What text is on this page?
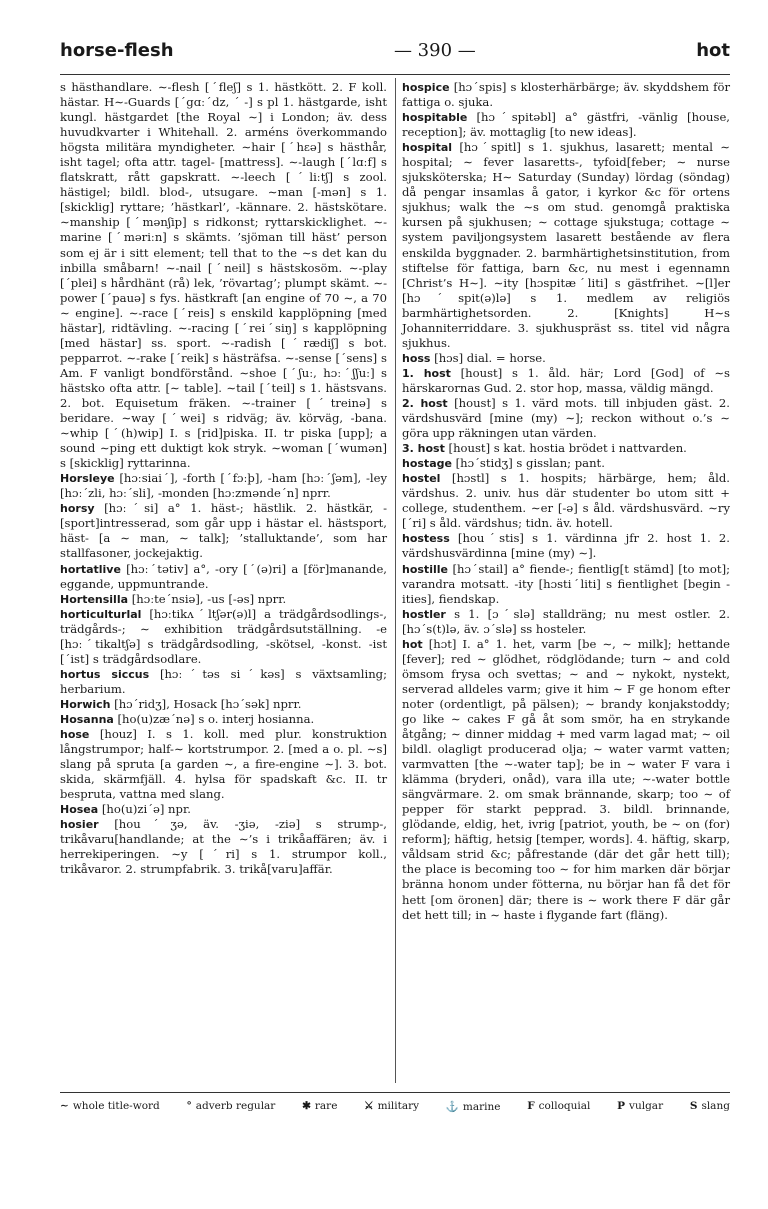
horse-flesh	— 390 —	hot

s hästhandlare. ∼-flesh [ˊfleʃ] s 1. hästkött. 2. F koll. hästar. H∼-Guards [ˊgɑːˊdz, ˊ -] s pl 1. hästgarde, isht kungl. hästgardet [the Royal ∼] i London; äv. dess huvudkvarter i Whitehall. 2. arméns överkommando högsta militära myndigheter. ∼hair [ˊhɛə] s hästhår, isht tagel; ofta attr. tagel- [mattress]. ∼-laugh [ˊlɑːf] s flatskratt, rått gapskratt. ∼-leech [ˊliːtʃ] s zool. hästigel; bildl. blod-, utsugare. ∼man [-mən] s 1. [skicklig] ryttare; ’hästkarl’, -kännare. 2. hästskötare. ∼manship [ˊmənʃip] s ridkonst; ryttarskicklighet. ∼-marine [ˊməriːn] s skämts. ’sjöman till häst’ person som ej är i sitt element; tell that to the ∼s det kan du inbilla småbarn! ∼-nail [ˊneil] s hästskosöm. ∼-play [ˊplei] s hårdhänt (rå) lek, ’rövartag’; plumpt skämt. ∼-power [ˊpauə] s fys. hästkraft [an engine of 70 ∼, a 70 ∼ engine]. ∼-race [ˊreis] s enskild kapplöpning [med hästar], ridtävling. ∼-racing [ˊreiˊsiŋ] s kapplöpning [med hästar] ss. sport. ∼-radish [ˊrædiʃ] s bot. pepparrot. ∼-rake [ˊreik] s hästräfsa. ∼-sense [ˊsens] s Am. F vanligt bondförstånd. ∼shoe [ˊʃuː, hɔːˊʃʃuː] s hästsko ofta attr. [∼ table]. ∼tail [ˊteil] s 1. hästsvans. 2. bot. Equisetum fräken. ∼-trainer [ˊtreinə] s beridare. ∼way [ˊwei] s ridväg; äv. körväg, -bana. ∼whip [ˊ(h)wip] I. s [rid]piska. II. tr piska [upp]; a sound ∼ping ett duktigt kok stryk. ∼woman [ˊwumən] s [skicklig] ryttarinna.

Horsleye [hɔːsiaiˊ], -forth [ˊfɔːþ], -ham [hɔːˊʃəm], -ley [hɔːˊzli, hɔːˊsli], -monden [hɔːzməndeˊn] nprr.

horsy [hɔːˊsi] a° 1. häst-; hästlik. 2. hästkär, -[sport]intresserad, som går upp i hästar el. hästsport, häst- [a ∼ man, ∼ talk]; ’stalluktande’, som har stallfasoner, jockejaktig.

hortatlive [hɔːˊtətiv] a°, -ory [ˊ(ə)ri] a [för]manande, eggande, uppmuntrande.

Hortensilla [hɔːteˊnsiə], -us [-əs] nprr.

horticulturlal [hɔːtikʌˊltʃər(ə)l] a trädgårdsodlings-, trädgårds-; ∼ exhibition trädgårdsutställning. -e [hɔːˊtikaltʃə] s trädgårdsodling, -skötsel, -konst. -ist [ˊist] s trädgårdsodlare.

hortus siccus [hɔːˊtəs siˊkəs] s växtsamling; herbarium.

Horwich [hɔˊridʒ], Hosack [hɔˊsək] nprr.

Hosanna [ho(u)zæˊnə] s o. interj hosianna.

hose [houz] I. s 1. koll. med plur. konstruktion långstrumpor; half-∼ kortstrumpor. 2. [med a o. pl. ∼s] slang på spruta [a garden ∼, a fire-engine ∼]. 3. bot. skida, skärmfjäll. 4. hylsa för spadskaft &c. II. tr bespruta, vattna med slang.

Hosea [ho(u)ziˊə] npr.

hosier [houˊʒə, äv. -ʒiə, -ziə] s strump-, trikåvaru[handlande; at the ∼’s i trikåaffären; äv. i herrekiperingen. ∼y [ˊri] s 1. strumpor koll., trikåvaror. 2. strumpfabrik. 3. trikå[varu]affär.

hospice [hɔˊspis] s klosterhärbärge; äv. skyddshem för fattiga o. sjuka.

hospitable [hɔˊspitəbl] a° gästfri, -vänlig [house, reception]; äv. mottaglig [to new ideas].

hospital [hɔˊspitl] s 1. sjukhus, lasarett; mental ∼ hospital; ∼ fever lasaretts-, tyfoid[feber; ∼ nurse sjuksköterska; H∼ Saturday (Sunday) lördag (söndag) då pengar insamlas å gator, i kyrkor &c för ortens sjukhus; walk the ∼s om stud. genomgå praktiska kursen på sjukhusen; ∼ cottage sjukstuga; cottage ∼ system paviljongsystem lasarett bestående av flera enskilda byggnader. 2. barmhärtighetsinstitution, from stiftelse för fattiga, barn &c, nu mest i egennamn [Christ’s H∼]. ∼ity [hɔspitæˊliti] s gästfrihet. ∼[l]er [hɔˊspit(ə)lə] s 1. medlem av religiös barmhärtighetsorden. 2. [Knights] H∼s Johanniterriddare. 3. sjukhuspräst ss. titel vid några sjukhus.

hoss [hɔs] dial. = horse.

1. host [houst] s 1. åld. här; Lord [God] of ∼s härskarornas Gud. 2. stor hop, massa, väldig mängd.

2. host [houst] s 1. värd mots. till inbjuden gäst. 2. värdshusvärd [mine (my) ∼]; reckon without o.’s ∼ göra upp räkningen utan värden.

3. host [houst] s kat. hostia brödet i nattvarden.

hostage [hɔˊstidʒ] s gisslan; pant.

hostel [hɔstl] s 1. hospits; härbärge, hem; åld. värdshus. 2. univ. hus där studenter bo utom sitt + college, studenthem. ∼er [-ə] s åld. värdshusvärd. ∼ry [ˊri] s åld. värdshus; tidn. äv. hotell.

hostess [houˊstis] s 1. värdinna jfr 2. host 1. 2. värdshusvärdinna [mine (my) ∼].

hostille [hɔˊstail] a° fiende-; fientlig[t stämd] [to mot]; varandra motsatt. -ity [hɔstiˊliti] s fientlighet [begin -ities], fiendskap.

hostler s 1. [ɔˊslə] stalldräng; nu mest ostler. 2. [hɔˊs(t)lə, äv. ɔˊslə] ss hosteler.

hot [hɔt] I. a° 1. het, varm [be ∼, ∼ milk]; hettande [fever]; red ∼ glödhet, rödglödande; turn ∼ and cold ömsom frysa och svettas; ∼ and ∼ nykokt, nystekt, serverad alldeles varm; give it him ∼ F ge honom efter noter (ordentligt, på pälsen); ∼ brandy konjakstoddy; go like ∼ cakes F gå åt som smör, ha en strykande åtgång; ∼ dinner middag + med varm lagad mat; ∼ oil bildl. olagligt producerad olja; ∼ water varmt vatten; varmvatten [the ∼-water tap]; be in ∼ water F vara i klämma (bryderi, onåd), vara illa ute; ∼-water bottle sängvärmare. 2. om smak brännande, skarp; too ∼ of pepper för starkt pepprad. 3. bildl. brinnande, glödande, eldig, het, ivrig [patriot, youth, be ∼ on (for) reform]; häftig, hetsig [temper, words]. 4. häftig, skarp, våldsam strid &c; påfrestande (där det går hett till); the place is becoming too ∼ for him marken där börjar bränna honom under fötterna, nu börjar han få det för hett [om öronen] där; there is ∼ work there F där går det hett till; in ∼ haste i flygande fart (fläng).

∼ whole title-word	° adverb regular	✱ rare	⚔ military	⚓ marine	F colloquial	P vulgar	S slang
